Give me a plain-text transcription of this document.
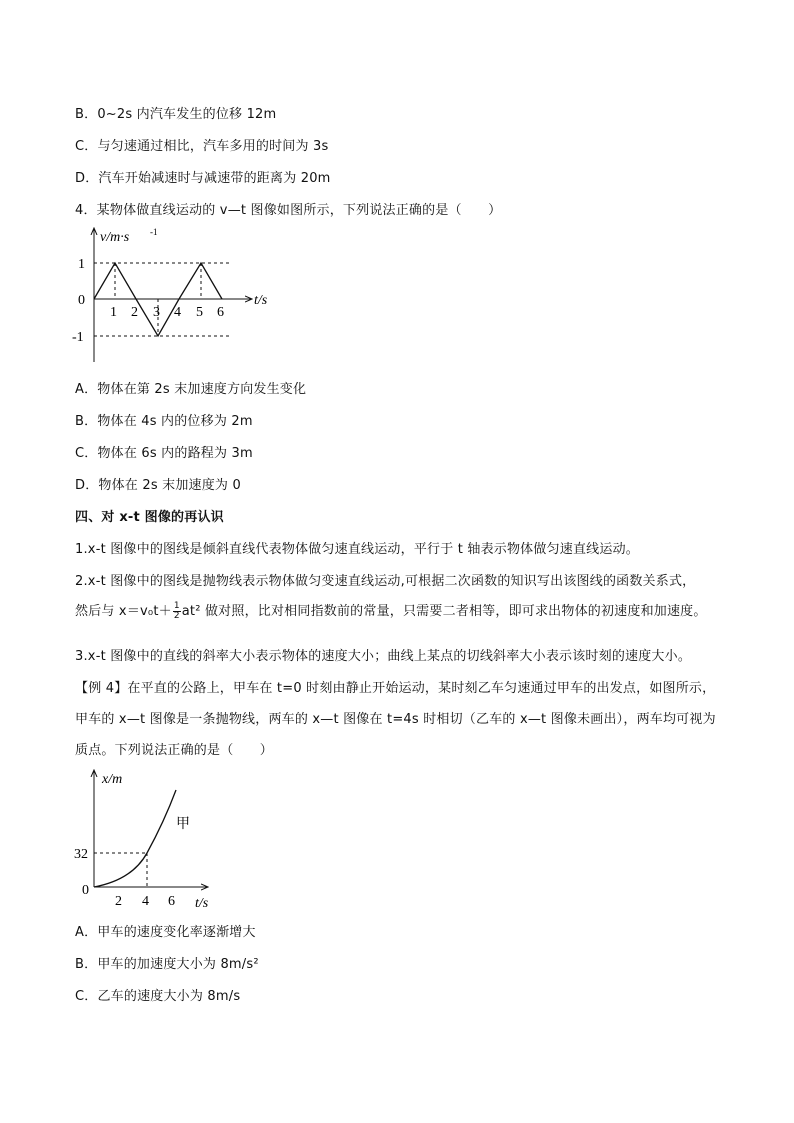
B．0~2s 内汽车发生的位移 12m
C．与匀速通过相比，汽车多用的时间为 3s
D．汽车开始减速时与减速带的距离为 20m
4．某物体做直线运动的 v—t 图像如图所示，下列说法正确的是（　　）
v/m·s -1
t/s
1
0
-1
1 2 3 4 5 6
A．物体在第 2s 末加速度方向发生变化
B．物体在 4s 内的位移为 2m
C．物体在 6s 内的路程为 3m
D．物体在 2s 末加速度为 0
四、对 x-t 图像的再认识
1.x-t 图像中的图线是倾斜直线代表物体做匀速直线运动，平行于 t 轴表示物体做匀速直线运动。
2.x-t 图像中的图线是抛物线表示物体做匀变速直线运动,可根据二次函数的知识写出该图线的函数关系式，
然后与 $x=v_0t+ \frac{1}{2} at^2$ 做对照，比对相同指数前的常量，只需要二者相等，即可求出物体的初速度和加速度。
3.x-t 图像中的直线的斜率大小表示物体的速度大小；曲线上某点的切线斜率大小表示该时刻的速度大小。
【例 4】在平直的公路上，甲车在 t=0 时刻由静止开始运动，某时刻乙车匀速通过甲车的出发点，如图所示，
甲车的 x—t 图像是一条抛物线，两车的 x—t 图像在 t=4s 时相切（乙车的 x—t 图像未画出），两车均可视为
质点。下列说法正确的是（　　）
x/m
t/s
甲
32
0
2 4 6
A．甲车的速度变化率逐渐增大
B．甲车的加速度大小为 8m/s²
C．乙车的速度大小为 8m/s
